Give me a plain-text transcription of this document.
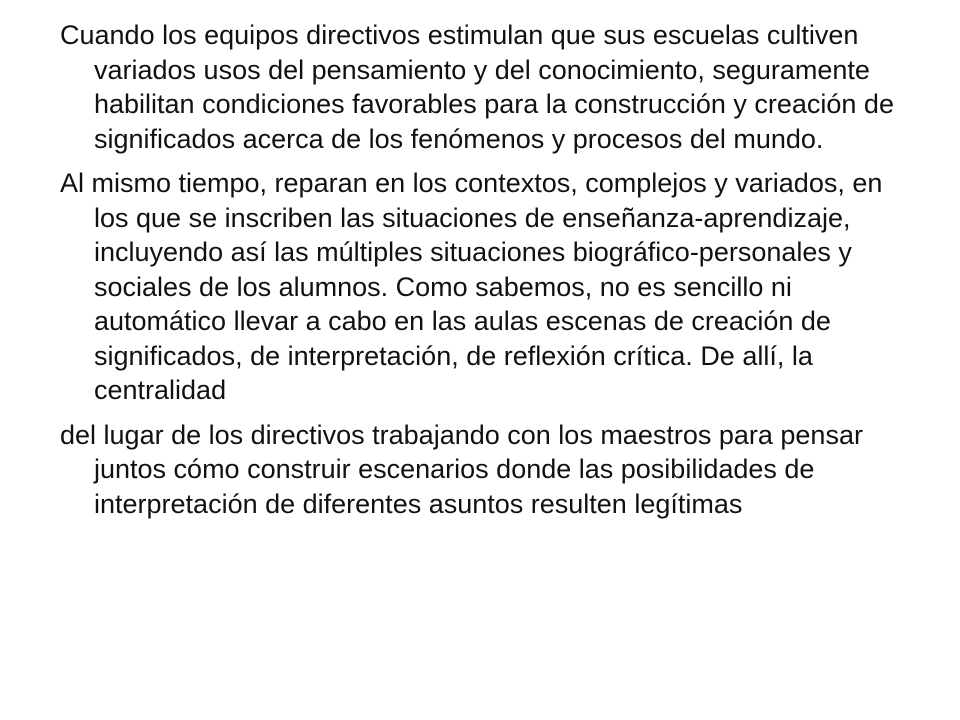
Cuando los equipos directivos estimulan que sus escuelas cultiven variados usos del pensamiento y del conocimiento, seguramente habilitan condiciones favorables para la construcción y creación de significados acerca de los fenómenos y procesos del mundo.

Al mismo tiempo, reparan en los contextos, complejos y variados, en los que se inscriben las situaciones de enseñanza-aprendizaje, incluyendo así las múltiples situaciones biográfico-personales y sociales de los alumnos. Como sabemos, no es sencillo ni automático llevar a cabo en las aulas escenas de creación de significados, de interpretación, de reflexión crítica. De allí, la centralidad

del lugar de los directivos trabajando con los maestros para pensar juntos cómo construir escenarios donde las posibilidades de interpretación de diferentes asuntos resulten legítimas
